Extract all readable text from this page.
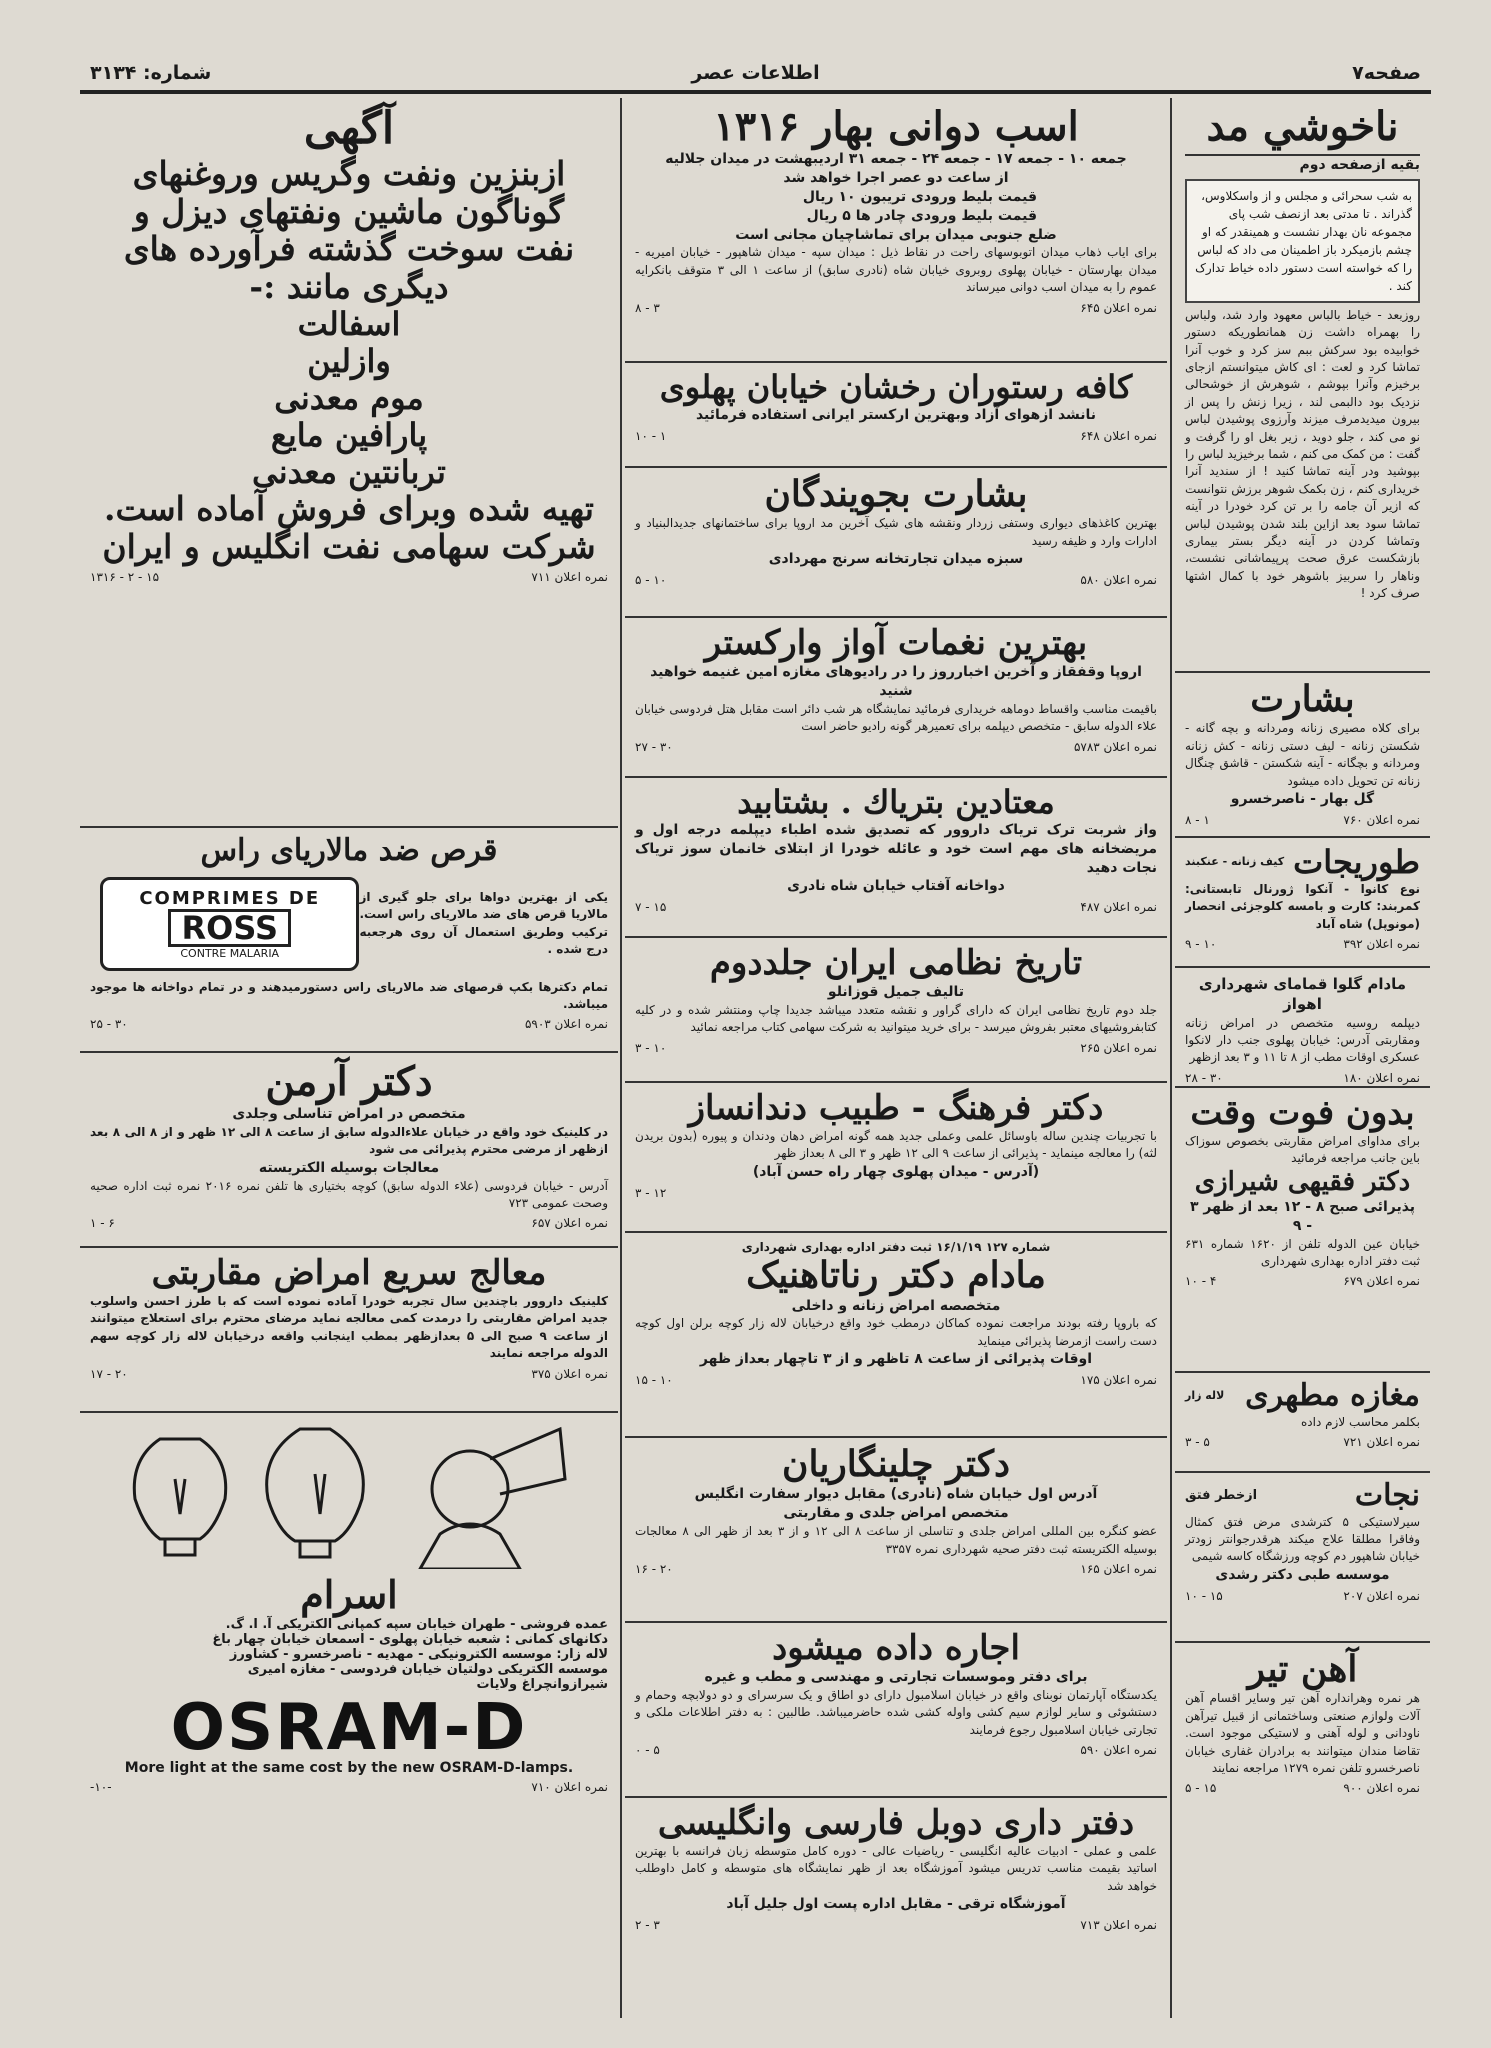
صفحه۷
اطلاعات عصر
شماره: ۳۱۳۴
ناخوشي مد
بقیه ازصفحه دوم
به شب سحرائی و مجلس و از واسکلاوس، گذراند . تا مدتی بعد ازنصف شب پای مجموعه نان بهدار نشست و همینقدر که او چشم بازمیکرد باز اطمینان می داد که لباس را که خواسته است دستور داده خیاط تدارک کند .
روزبعد - خیاط بالباس معهود وارد شد، ولباس را بهمراه داشت زن همانطوریکه دستور خوابیده بود سرکش ببم سز کرد و خوب آنرا تماشا کرد و لعت : ای کاش میتوانستم ازجای برخیزم وآنرا بپوشم ، شوهرش از خوشحالی نزدیک بود دالبمی لند ، زیرا زنش را پس از بیرون میدیدمرف میزند وآرزوی پوشیدن لباس نو می کند ، جلو دوید ، زیر بغل او را گرفت و گفت : من کمک می کنم ، شما برخیزید لباس را بپوشید ودر آینه تماشا کنید ! از سندید آنرا خریداری کنم ، زن بکمک شوهر برزش نتوانست که ازیر آن جامه را بر تن کرد خودرا در آینه تماشا سود بعد ازاین بلند شدن پوشیدن لباس وتماشا کردن در آینه دیگر بستر بیماری بازشکست عرق صحت پرپیماشانی نشست، وناهار را سربیز باشوهر خود با کمال اشتها صرف کرد !
بشارت
برای کلاه مصیری زنانه ومردانه و بچه گانه - شکستن زنانه - لیف دستی زنانه - کش زنانه ومردانه و بچگانه - آینه شکستن - قاشق چنگال زنانه تن تحویل داده میشود
گل بهار - ناصرخسرو
نمره اعلان ۷۶۰
۱ - ۸
طوریجات
کیف زنانه - عنکبند
نوع کانوا - آنکوا ژورنال تابستانی: کمربند: کارت و بامسه کلوجزئی انحصار (مونوپل) شاه آباد
نمره اعلان ۳۹۲
۱۰ - ۹
مادام گلوا قمامای شهرداری اهواز
دیپلمه روسیه متخصص در امراض زنانه ومقاربتی آدرس: خیابان پهلوی جنب دار لانکوا عسکری اوقات مطب از ۸ تا ۱۱ و ۳ بعد ازظهر
نمره اعلان ۱۸۰
۳۰ - ۲۸
بدون فوت وقت
برای مداوای امراض مقاربتی بخصوص سوزاک باین جانب مراجعه فرمائید
دکتر فقیهی شیرازی
پذیرائی صبح ۸ - ۱۲ بعد از ظهر ۳ - ۹
خیابان عین الدوله تلفن از ۱۶۲۰ شماره ۶۳۱ ثبت دفتر اداره بهداری شهرداری
نمره اعلان ۶۷۹
۴ - ۱۰
مغازه مطهری
لاله زار
بکلمر محاسب لازم داده
نمره اعلان ۷۲۱
۵ - ۳
نجات
ازخطر فتق
سیرلاستیکی ۵ کترشدی مرض فتق کمثال وفاقرا مطلقا علاج میکند هرقدرجوانتر زودتر خیابان شاهپور دم کوچه ورزشگاه کاسه شیمی
موسسه طبی دکتر رشدی
نمره اعلان ۲۰۷
۱۵ - ۱۰
آهن تیر
هر نمره وهرانداره آهن تیر وسایر اقسام آهن آلات ولوازم صنعتی وساختمانی از قبیل تیرآهن ناودانی و لوله آهنی و لاستیکی موجود است. تقاضا مندان میتوانند به برادران غفاری خیابان ناصرخسرو تلفن نمره ۱۲۷۹ مراجعه نمایند
نمره اعلان ۹۰۰
۱۵ - ۵
اسب دوانی بهار ۱۳۱۶
جمعه ۱۰ - جمعه ۱۷ - جمعه ۲۴ - جمعه ۳۱ اردیبهشت در میدان جلالیه
از ساعت دو عصر اجرا خواهد شد
قیمت بلیط ورودی تریبون ۱۰ ریال
قیمت بلیط ورودی چادر ها ۵ ریال
ضلع جنوبی میدان برای تماشاچیان مجانی است
برای ایاب ذهاب میدان اتوبوسهای راحت در نقاط ذیل : میدان سپه - میدان شاهپور - خیابان امیریه - میدان بهارستان - خیابان پهلوی روبروی خیابان شاه (نادری سابق) از ساعت ۱ الی ۳ متوقف بانکرایه عموم را به میدان اسب دوانی میرساند
نمره اعلان ۶۴۵
۳ - ۸
کافه رستوران رخشان خیابان پهلوی
نانشد ازهوای آزاد وبهترین ارکستر ایرانی استفاده فرمائید
نمره اعلان ۶۴۸
۱ - ۱۰
بشارت بجویندگان
بهترین کاغذهای دیواری وستفی زردار ونقشه های شیک آخرین مد اروپا برای ساختمانهای جدیدالبنیاد و ادارات وارد و ظیفه رسید
سبزه میدان تجارتخانه سرنج مهردادی
نمره اعلان ۵۸۰
۱۰ - ۵
بهترین نغمات آواز وارکستر
اروپا وقفقاز و آخرین اخبارروز را در رادیوهای مغازه امین غنیمه خواهید شنید
باقیمت مناسب واقساط دوماهه خریداری فرمائید نمایشگاه هر شب دائر است مقابل هتل فردوسی خیابان علاء الدوله سابق - متخصص دیپلمه برای تعمیرهر گونه رادیو حاضر است
نمره اعلان ۵۷۸۳
۳۰ - ۲۷
معتادین بتریاك . بشتابید
واز شربت ترک تریاک داروور که تصدیق شده اطباء دیپلمه درجه اول و مریضخانه های مهم است خود و عائله خودرا از ابتلای خانمان سوز تریاک نجات دهید
دواخانه آفتاب خیابان شاه نادری
نمره اعلان ۴۸۷
۱۵ - ۷
تاریخ نظامی ایران جلددوم
تالیف جمیل قوزانلو
جلد دوم تاریخ نظامی ایران که دارای گراور و نقشه متعدد میباشد جدیدا چاپ ومنتشر شده و در کلیه کتابفروشیهای معتبر بفروش میرسد - برای خرید میتوانید به شرکت سهامی کتاب مراجعه نمائید
نمره اعلان ۲۶۵
۱۰ - ۳
دکتر فرهنگ - طبیب دندانساز
با تجربیات چندین ساله باوسائل علمی وعملی جدید همه گونه امراض دهان ودندان و پیوره (بدون بریدن لثه) را معالجه مینماید - پذیرائی از ساعت ۹ الی ۱۲ ظهر و ۳ الی ۸ بعداز ظهر
(آدرس - میدان پهلوی چهار راه حسن آباد)
۱۲ - ۳
شماره ۱۲۷ ۱۶/۱/۱۹ ثبت دفتر اداره بهداری شهرداری
مادام دکتر رناتاهنیک
متخصصه امراض زنانه و داخلی
که باروپا رفته بودند مراجعت نموده کماکان درمطب خود واقع درخیابان لاله زار کوچه برلن اول کوچه دست راست ازمرضا پذیرائی مینماید
اوقات پذیرائی از ساعت ۸ تاظهر و از ۳ تاچهار بعداز ظهر
نمره اعلان ۱۷۵
۱۰ - ۱۵
دکتر چلینگاریان
آدرس اول خیابان شاه (نادری) مقابل دیوار سفارت انگلیس
متخصص امراض جلدی و مقاربتی
عضو کنگره بین المللی امراض جلدی و تناسلی از ساعت ۸ الی ۱۲ و از ۳ بعد از ظهر الی ۸ معالجات بوسیله الکتریسته ثبت دفتر صحیه شهرداری نمره ۳۳۵۷
نمره اعلان ۱۶۵
۲۰ - ۱۶
اجاره داده میشود
برای دفتر وموسسات تجارتی و مهندسی و مطب و غیره
یکدستگاه آپارتمان نوبنای واقع در خیابان اسلامبول دارای دو اطاق و یک سرسرای و دو دولابچه وحمام و دستشوئی و سایر لوازم سیم کشی واوله کشی شده حاضرمیباشد. طالبین : به دفتر اطلاعات ملکی و تجارتی خیابان اسلامبول رجوع فرمایند
نمره اعلان ۵۹۰
۵ - ۰
دفتر داری دوبل فارسی وانگلیسی
علمی و عملی - ادبیات عالیه انگلیسی - ریاضیات عالی - دوره کامل متوسطه زبان فرانسه با بهترین اساتید بقیمت مناسب تدریس میشود آموزشگاه بعد از ظهر نمایشگاه های متوسطه و کامل داوطلب خواهد شد
آموزشگاه ترقی - مقابل اداره پست اول جلیل آباد
نمره اعلان ۷۱۳
۳ - ۲
آگهی
ازبنزین ونفت وگریس وروغنهای
گوناگون ماشین ونفتهای دیزل و
نفت سوخت گذشته فرآورده های
دیگری مانند :-
اسفالت
وازلین
موم معدنی
پارافین مایع
تربانتین معدنی
تهیه شده وبرای فروش آماده است.
شرکت سهامی نفت انگلیس و ایران
نمره اعلان ۷۱۱
۱۵ - ۲ - ۱۳۱۶
قرص ضد مالاریای راس
یکی از بهترین دواها برای جلو گیری از مالاریا قرص های ضد مالاریای راس است. ترکیب وطریق استعمال آن روی هرجعبه درج شده .
COMPRIMES DE
ROSS
CONTRE MALARIA
تمام دکترها بکپ قرصهای ضد مالاریای راس دستورمیدهند و در تمام دواخانه ها موجود میباشد.
نمره اعلان ۵۹۰۳
۳۰ - ۲۵
دکتر آرمن
متخصص در امراض تناسلی وجلدی
در کلینیک خود واقع در خیابان علاءالدوله سابق از ساعت ۸ الی ۱۲ ظهر و از ۸ الی ۸ بعد ازظهر از مرضی محترم پذیرائی می شود
معالجات بوسیله الکتریسته
آدرس - خیابان فردوسی (علاء الدوله سابق) کوچه بختیاری ها تلفن نمره ۲۰۱۶ نمره ثبت اداره صحیه وصحت عمومی ۷۲۳
نمره اعلان ۶۵۷
۶ - ۱
معالج سریع امراض مقاربتی
کلینیک داروور باچندین سال تجربه خودرا آماده نموده است که با طرز احسن واسلوب جدید امراض مقاربتی را درمدت کمی معالجه نماید مرضای محترم برای استعلاج میتوانند از ساعت ۹ صبح الی ۵ بعدازظهر بمطب اینجانب واقعه درخیابان لاله زار کوچه سهم الدوله مراجعه نمایند
نمره اعلان ۳۷۵
۲۰ - ۱۷
اسرام
عمده فروشی - طهران خیابان سپه کمپانی الکتریکی آ. ا. گ.
دکانهای کمانی : شعبه خیابان پهلوی - اسمعان خیابان چهار باغ
لاله زار: موسسه الکترونیکی - مهدیه - ناصرخسرو - کشاورز
موسسه الکتریکی دولتیان خیابان فردوسی - مغازه امیری
شیرازوانچراغ ولایات
OSRAM-D
More light at the same cost by the new OSRAM-D-lamps.
نمره اعلان ۷۱۰
-۱۰-
